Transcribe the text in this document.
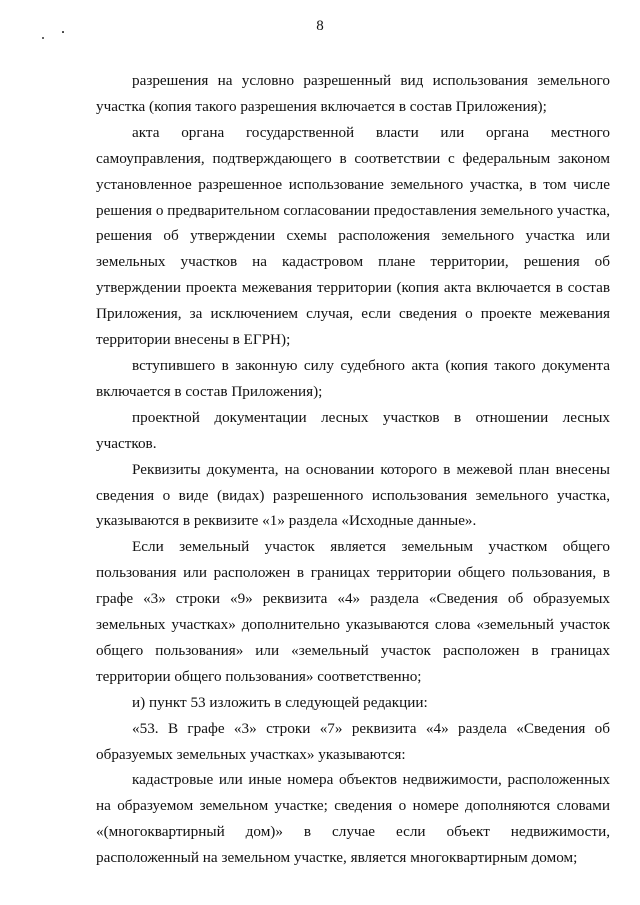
8

разрешения на условно разрешенный вид использования земельного участка (копия такого разрешения включается в состав Приложения);

акта органа государственной власти или органа местного самоуправления, подтверждающего в соответствии с федеральным законом установленное разрешенное использование земельного участка, в том числе решения о предварительном согласовании предоставления земельного участка, решения об утверждении схемы расположения земельного участка или земельных участков на кадастровом плане территории, решения об утверждении проекта межевания территории (копия акта включается в состав Приложения, за исключением случая, если сведения о проекте межевания территории внесены в ЕГРН);

вступившего в законную силу судебного акта (копия такого документа включается в состав Приложения);

проектной документации лесных участков в отношении лесных участков.

Реквизиты документа, на основании которого в межевой план внесены сведения о виде (видах) разрешенного использования земельного участка, указываются в реквизите «1» раздела «Исходные данные».

Если земельный участок является земельным участком общего пользования или расположен в границах территории общего пользования, в графе «3» строки «9» реквизита «4» раздела «Сведения об образуемых земельных участках» дополнительно указываются слова «земельный участок общего пользования» или «земельный участок расположен в границах территории общего пользования» соответственно;

и) пункт 53 изложить в следующей редакции:

«53. В графе «3» строки «7» реквизита «4» раздела «Сведения об образуемых земельных участках» указываются:

кадастровые или иные номера объектов недвижимости, расположенных на образуемом земельном участке; сведения о номере дополняются словами «(многоквартирный дом)» в случае если объект недвижимости, расположенный на земельном участке, является многоквартирным домом;
